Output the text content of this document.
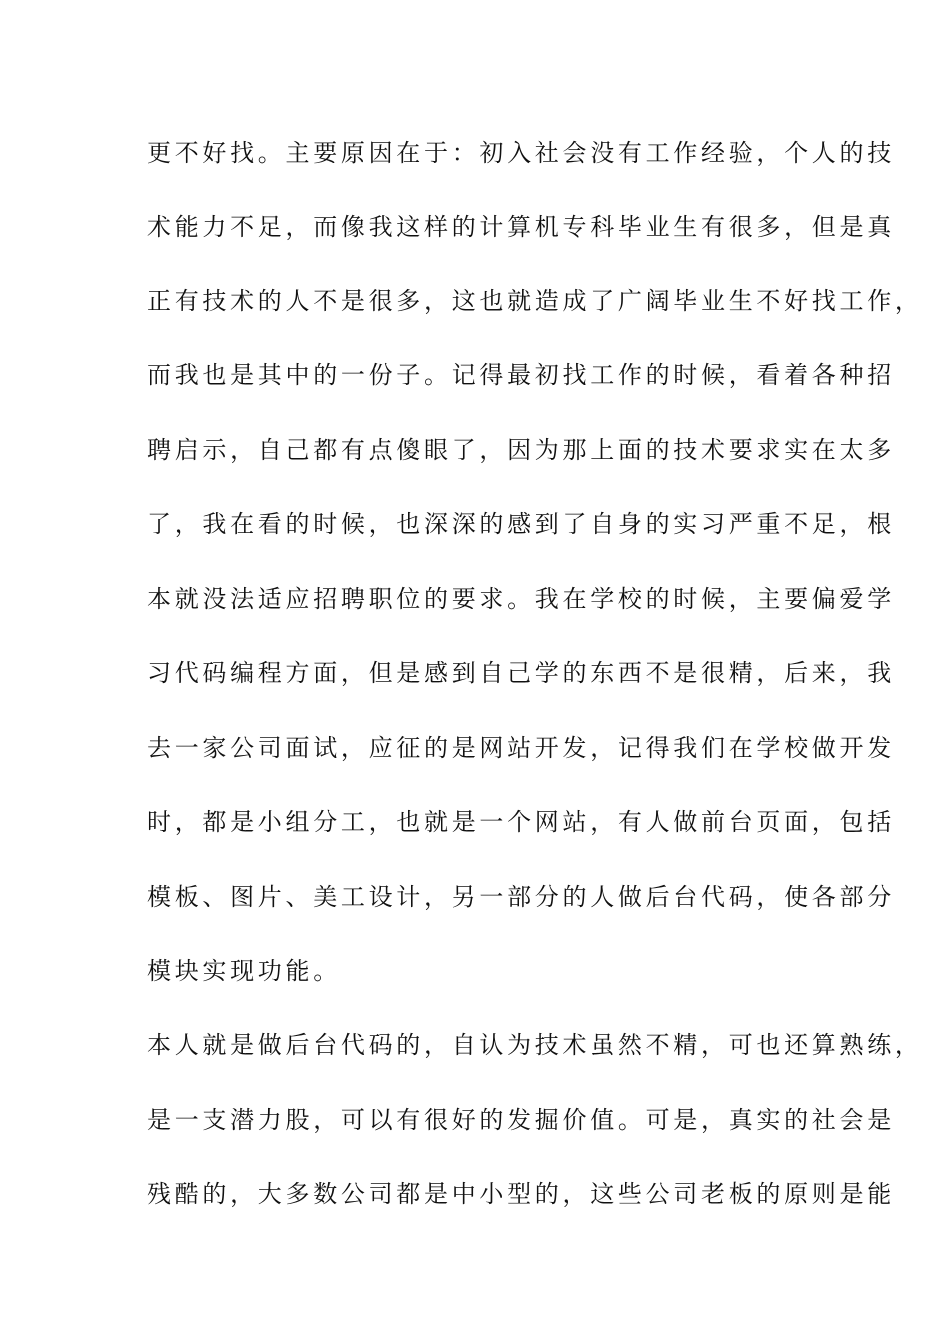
更不好找。主要原因在于：初入社会没有工作经验，个人的技
术能力不足，而像我这样的计算机专科毕业生有很多，但是真
正有技术的人不是很多，这也就造成了广阔毕业生不好找工作，
而我也是其中的一份子。记得最初找工作的时候，看着各种招
聘启示，自己都有点傻眼了，因为那上面的技术要求实在太多
了，我在看的时候，也深深的感到了自身的实习严重不足，根
本就没法适应招聘职位的要求。我在学校的时候，主要偏爱学
习代码编程方面，但是感到自己学的东西不是很精，后来，我
去一家公司面试，应征的是网站开发，记得我们在学校做开发
时，都是小组分工，也就是一个网站，有人做前台页面，包括
模板、图片、美工设计，另一部分的人做后台代码，使各部分
模块实现功能。
本人就是做后台代码的，自认为技术虽然不精，可也还算熟练，
是一支潜力股，可以有很好的发掘价值。可是，真实的社会是
残酷的，大多数公司都是中小型的，这些公司老板的原则是能
